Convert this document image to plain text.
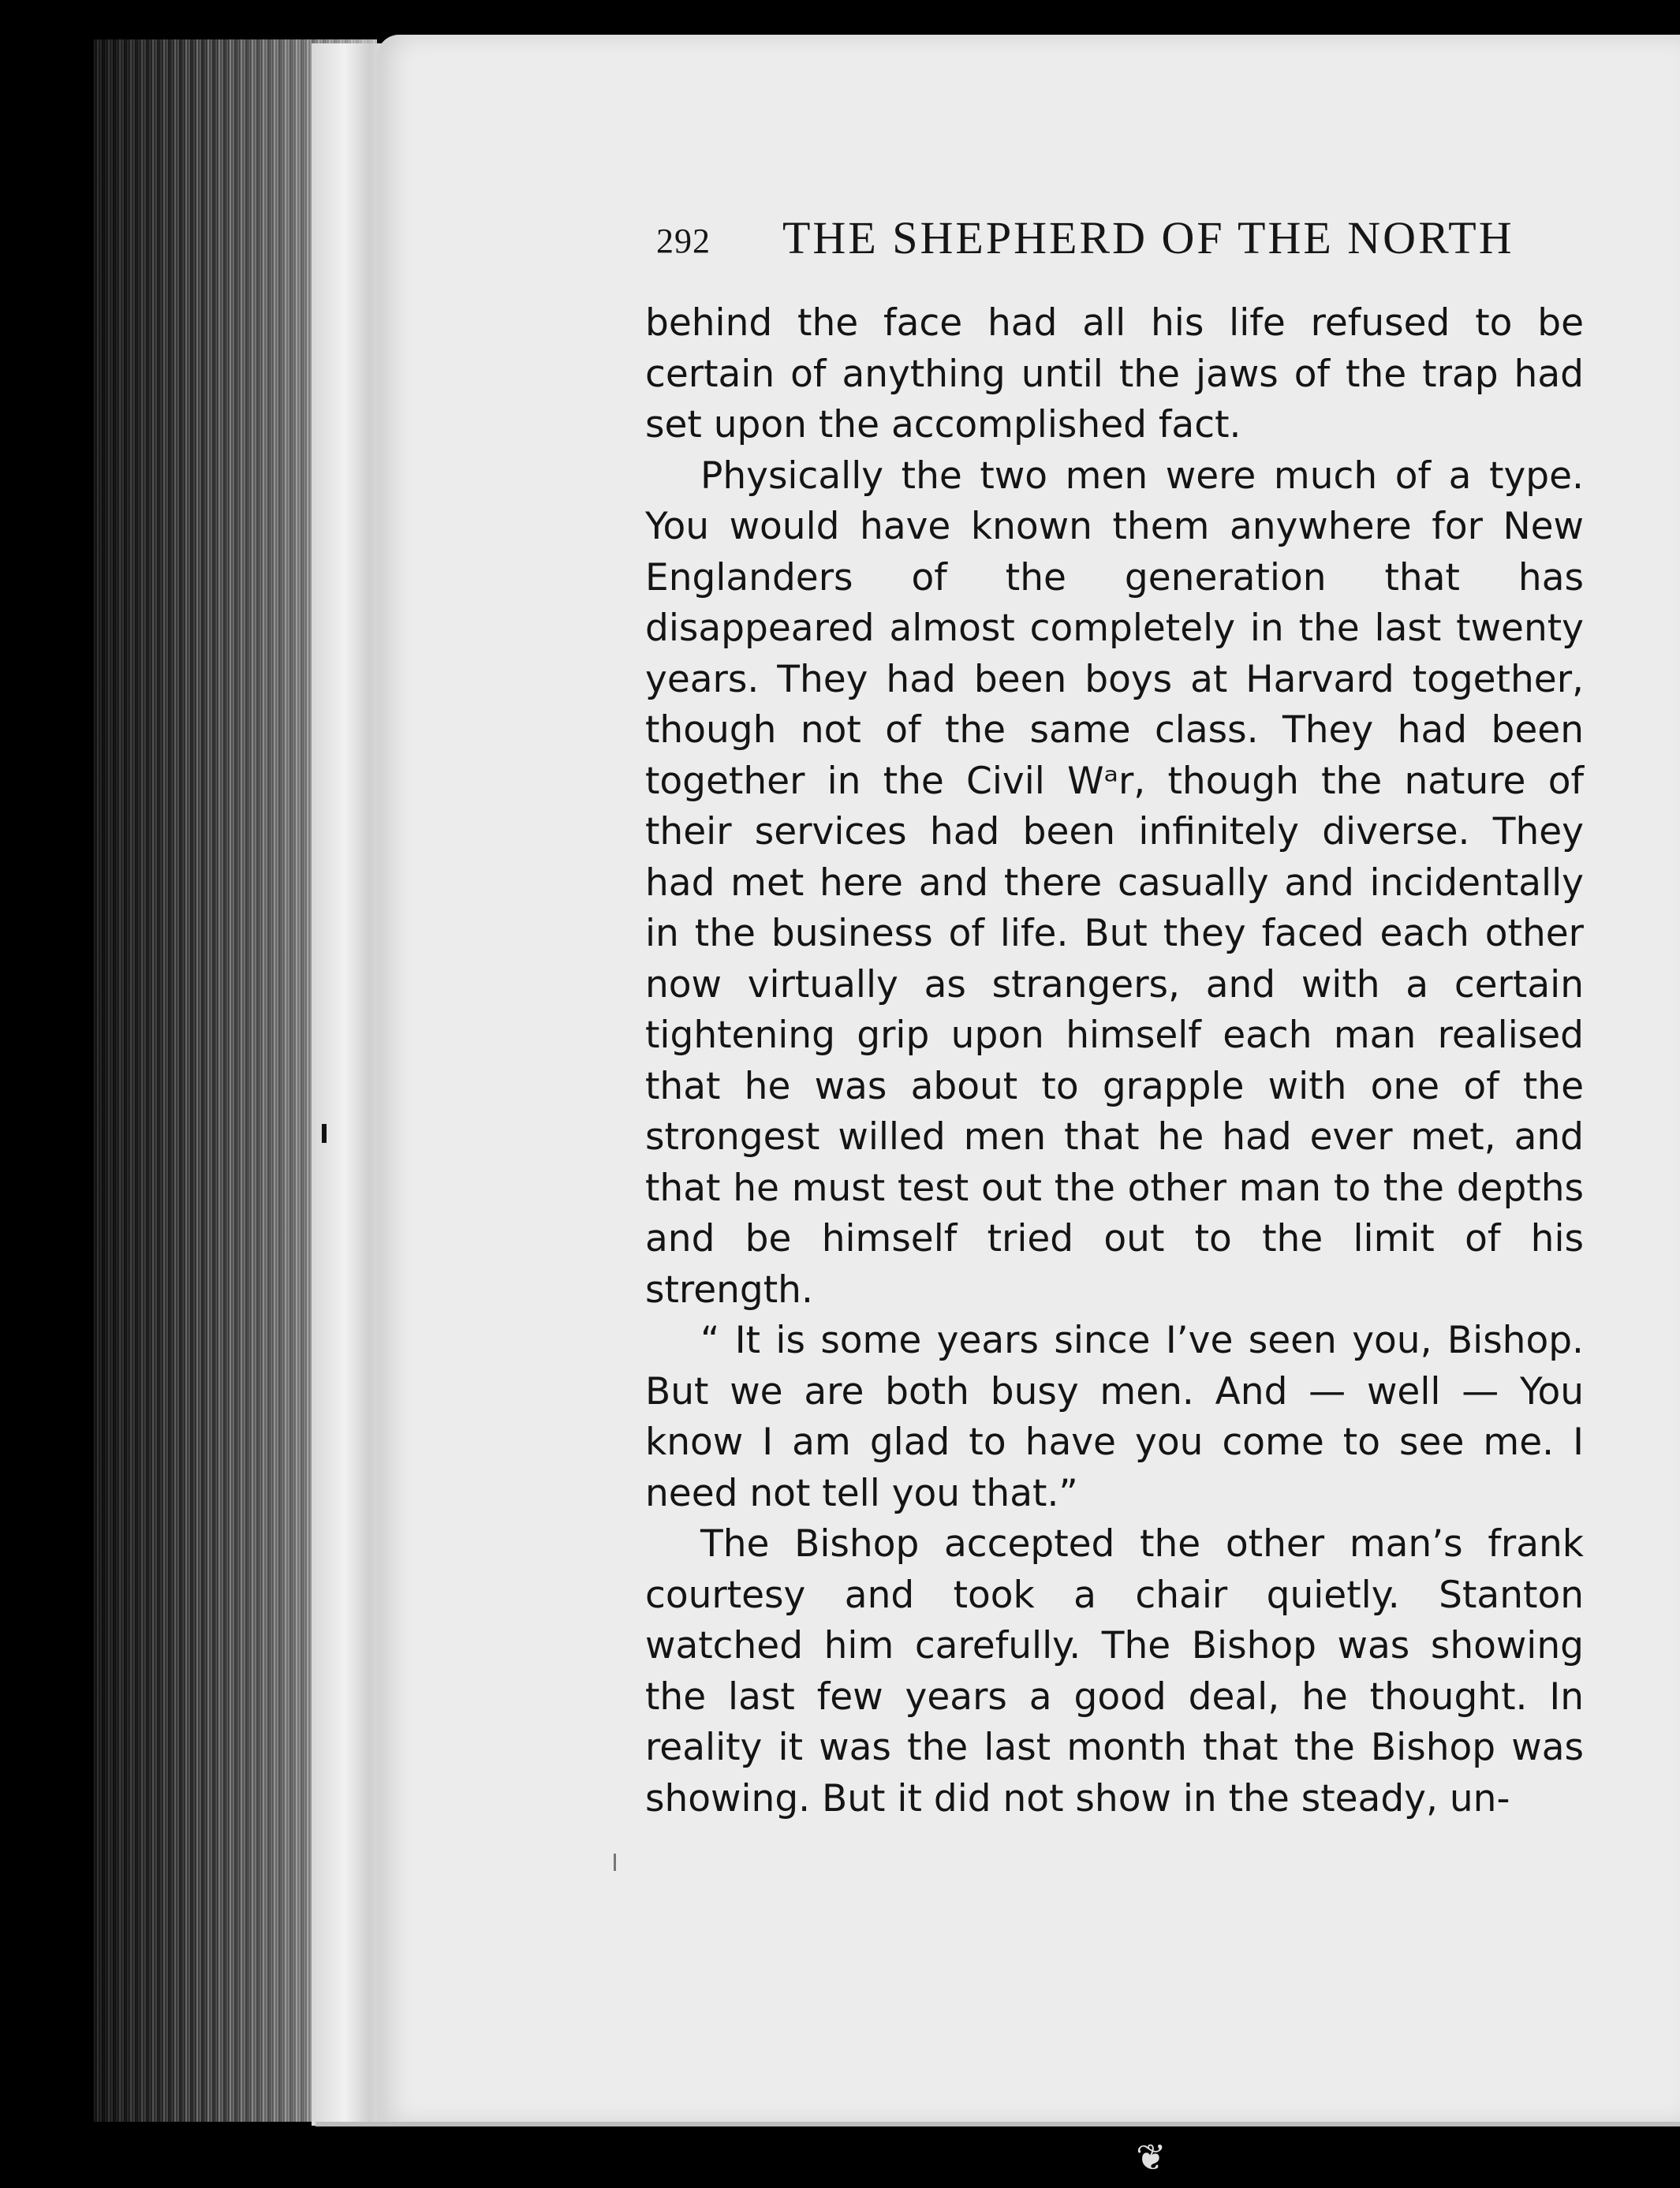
292 THE SHEPHERD OF THE NORTH

behind the face had all his life refused to be certain of anything until the jaws of the trap had set upon the accomplished fact.

Physically the two men were much of a type. You would have known them anywhere for New Englanders of the generation that has disappeared almost completely in the last twenty years. They had been boys at Harvard together, though not of the same class. They had been together in the Civil Wᵃr, though the nature of their services had been infinitely diverse. They had met here and there casually and incidentally in the business of life. But they faced each other now virtually as strangers, and with a certain tightening grip upon himself each man realised that he was about to grapple with one of the strongest willed men that he had ever met, and that he must test out the other man to the depths and be himself tried out to the limit of his strength.

“ It is some years since I’ve seen you, Bishop. But we are both busy men. And — well — You know I am glad to have you come to see me. I need not tell you that.”

The Bishop accepted the other man’s frank courtesy and took a chair quietly. Stanton watched him carefully. The Bishop was showing the last few years a good deal, he thought. In reality it was the last month that the Bishop was showing. But it did not show in the steady, un-

❦
